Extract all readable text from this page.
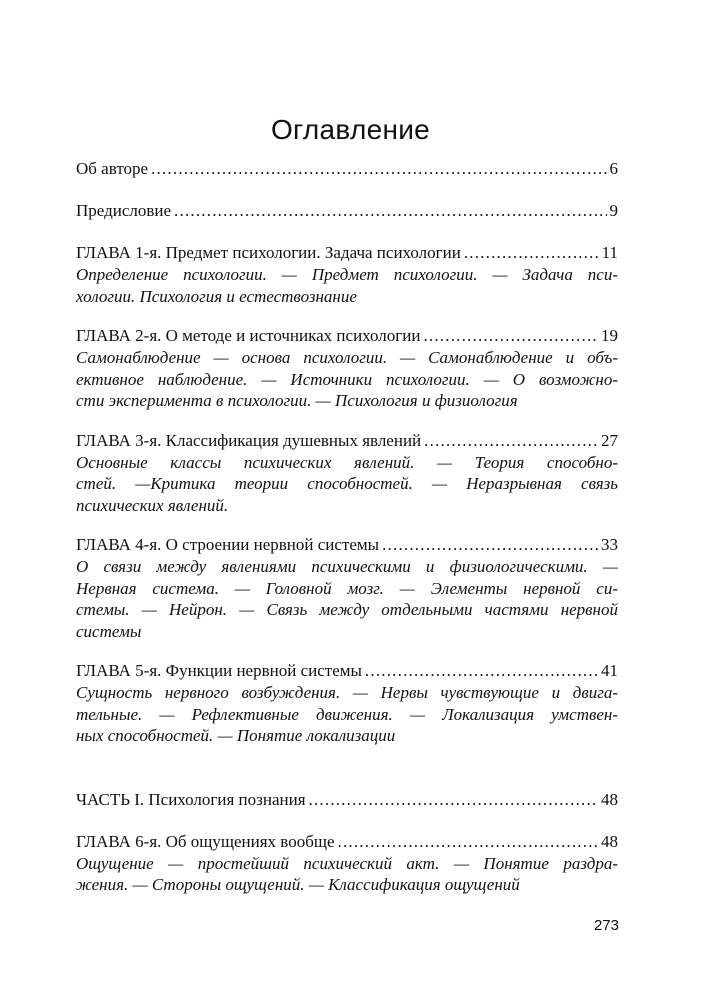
Оглавление
Об авторе .....	6
Предисловие .....	9
ГЛАВА 1-я. Предмет психологии. Задача психологии .....	11
Определение психологии. — Предмет психологии. — Задача пси-
хологии. Психология и естествознание
ГЛАВА 2-я. О методе и источниках психологии .....	19
Самонаблюдение — основа психологии. — Самонаблюдение и объ-
ективное наблюдение. — Источники психологии. — О возможно-
сти эксперимента в психологии. — Психология и физиология
ГЛАВА 3-я. Классификация душевных явлений .....	27
Основные классы психических явлений. — Теория способно-
стей. —Критика теории способностей. — Неразрывная связь
психических явлений.
ГЛАВА 4-я. О строении нервной системы .....	33
О связи между явлениями психическими и физиологическими. —
Нервная система. — Головной мозг. — Элементы нервной си-
стемы. — Нейрон. — Связь между отдельными частями нервной
системы
ГЛАВА 5-я. Функции нервной системы .....	41
Сущность нервного возбуждения. — Нервы чувствующие и двига-
тельные. — Рефлективные движения. — Локализация умствен-
ных способностей. — Понятие локализации
ЧАСТЬ I. Психология познания .....	48
ГЛАВА 6-я. Об ощущениях вообще .....	48
Ощущение — простейший психический акт. — Понятие раздра-
жения. — Стороны ощущений. — Классификация ощущений
273
